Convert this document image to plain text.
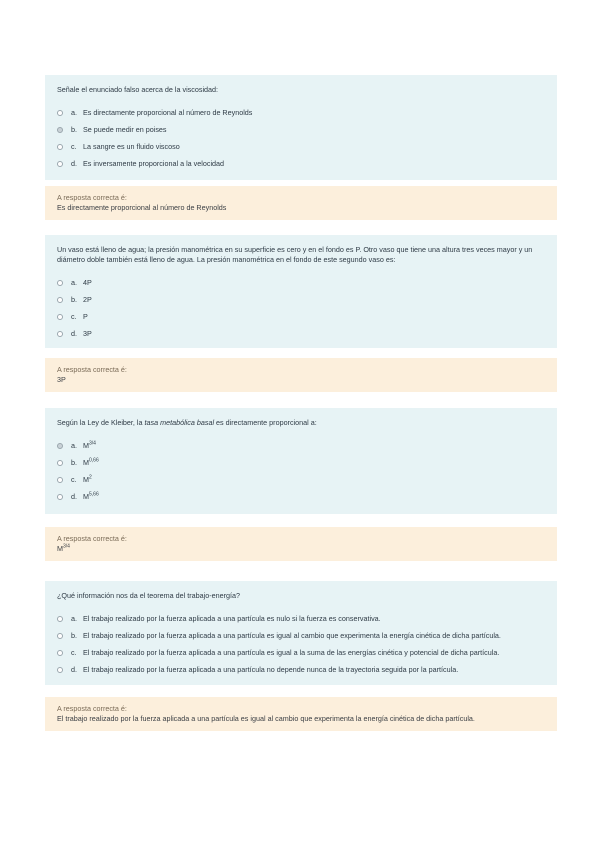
Señale el enunciado falso acerca de la viscosidad:

a. Es directamente proporcional al número de Reynolds
b. Se puede medir en poises
c. La sangre es un fluido viscoso
d. Es inversamente proporcional a la velocidad
A resposta correcta é:
Es directamente proporcional al número de Reynolds

Un vaso está lleno de agua; la presión manométrica en su superficie es cero y en el fondo es P. Otro vaso que tiene una altura tres veces mayor y un
diámetro doble también está lleno de agua. La presión manométrica en el fondo de este segundo vaso es:

a. 4P
b. 2P
c. P
d. 3P
A resposta correcta é:
3P

Según la Ley de Kleiber, la tasa metabólica basal es directamente proporcional a:

a. $M^{3/4}$
b. M$^{0,66}$
c. $M^2$
d. M$^{5,66}$
A resposta correcta é:
$M^{3/4}$

¿Qué información nos da el teorema del trabajo-energía?

a. El trabajo realizado por la fuerza aplicada a una partícula es nulo si la fuerza es conservativa.
b. El trabajo realizado por la fuerza aplicada a una partícula es igual al cambio que experimenta la energía cinética de dicha partícula.
c. El trabajo realizado por la fuerza aplicada a una partícula es igual a la suma de las energías cinética y potencial de dicha partícula.
d. El trabajo realizado por la fuerza aplicada a una partícula no depende nunca de la trayectoria seguida por la partícula.
A resposta correcta é:
El trabajo realizado por la fuerza aplicada a una partícula es igual al cambio que experimenta la energía cinética de dicha partícula.
